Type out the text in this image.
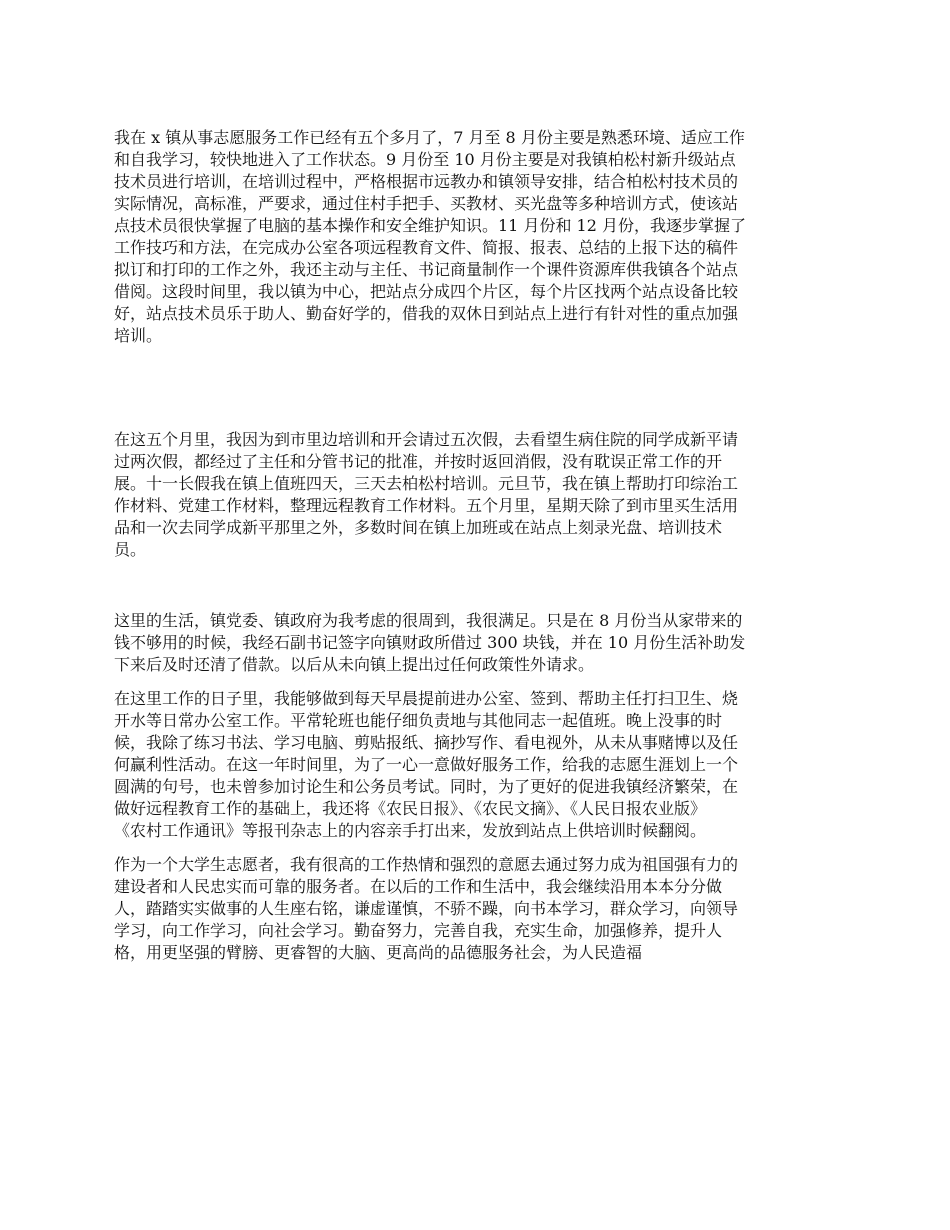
我在 x 镇从事志愿服务工作已经有五个多月了，7 月至 8 月份主要是熟悉环境、适应工作
和自我学习，较快地进入了工作状态。9 月份至 10 月份主要是对我镇柏松村新升级站点
技术员进行培训，在培训过程中，严格根据市远教办和镇领导安排，结合柏松村技术员的
实际情况，高标准，严要求，通过住村手把手、买教材、买光盘等多种培训方式，使该站
点技术员很快掌握了电脑的基本操作和安全维护知识。11 月份和 12 月份，我逐步掌握了
工作技巧和方法，在完成办公室各项远程教育文件、简报、报表、总结的上报下达的稿件
拟订和打印的工作之外，我还主动与主任、书记商量制作一个课件资源库供我镇各个站点
借阅。这段时间里，我以镇为中心，把站点分成四个片区，每个片区找两个站点设备比较
好，站点技术员乐于助人、勤奋好学的，借我的双休日到站点上进行有针对性的重点加强
培训。

在这五个月里，我因为到市里边培训和开会请过五次假，去看望生病住院的同学成新平请
过两次假，都经过了主任和分管书记的批准，并按时返回消假，没有耽误正常工作的开
展。十一长假我在镇上值班四天，三天去柏松村培训。元旦节，我在镇上帮助打印综治工
作材料、党建工作材料，整理远程教育工作材料。五个月里，星期天除了到市里买生活用
品和一次去同学成新平那里之外，多数时间在镇上加班或在站点上刻录光盘、培训技术
员。

这里的生活，镇党委、镇政府为我考虑的很周到，我很满足。只是在 8 月份当从家带来的
钱不够用的时候，我经石副书记签字向镇财政所借过 300 块钱，并在 10 月份生活补助发
下来后及时还清了借款。以后从未向镇上提出过任何政策性外请求。

在这里工作的日子里，我能够做到每天早晨提前进办公室、签到、帮助主任打扫卫生、烧
开水等日常办公室工作。平常轮班也能仔细负责地与其他同志一起值班。晚上没事的时
候，我除了练习书法、学习电脑、剪贴报纸、摘抄写作、看电视外，从未从事赌博以及任
何赢利性活动。在这一年时间里，为了一心一意做好服务工作，给我的志愿生涯划上一个
圆满的句号，也未曾参加讨论生和公务员考试。同时，为了更好的促进我镇经济繁荣，在
做好远程教育工作的基础上，我还将《农民日报》、《农民文摘》、《人民日报农业版》
《农村工作通讯》等报刊杂志上的内容亲手打出来，发放到站点上供培训时候翻阅。

作为一个大学生志愿者，我有很高的工作热情和强烈的意愿去通过努力成为祖国强有力的
建设者和人民忠实而可靠的服务者。在以后的工作和生活中，我会继续沿用本本分分做
人，踏踏实实做事的人生座右铭，谦虚谨慎，不骄不躁，向书本学习，群众学习，向领导
学习，向工作学习，向社会学习。勤奋努力，完善自我，充实生命，加强修养，提升人
格，用更坚强的臂膀、更睿智的大脑、更高尚的品德服务社会，为人民造福
